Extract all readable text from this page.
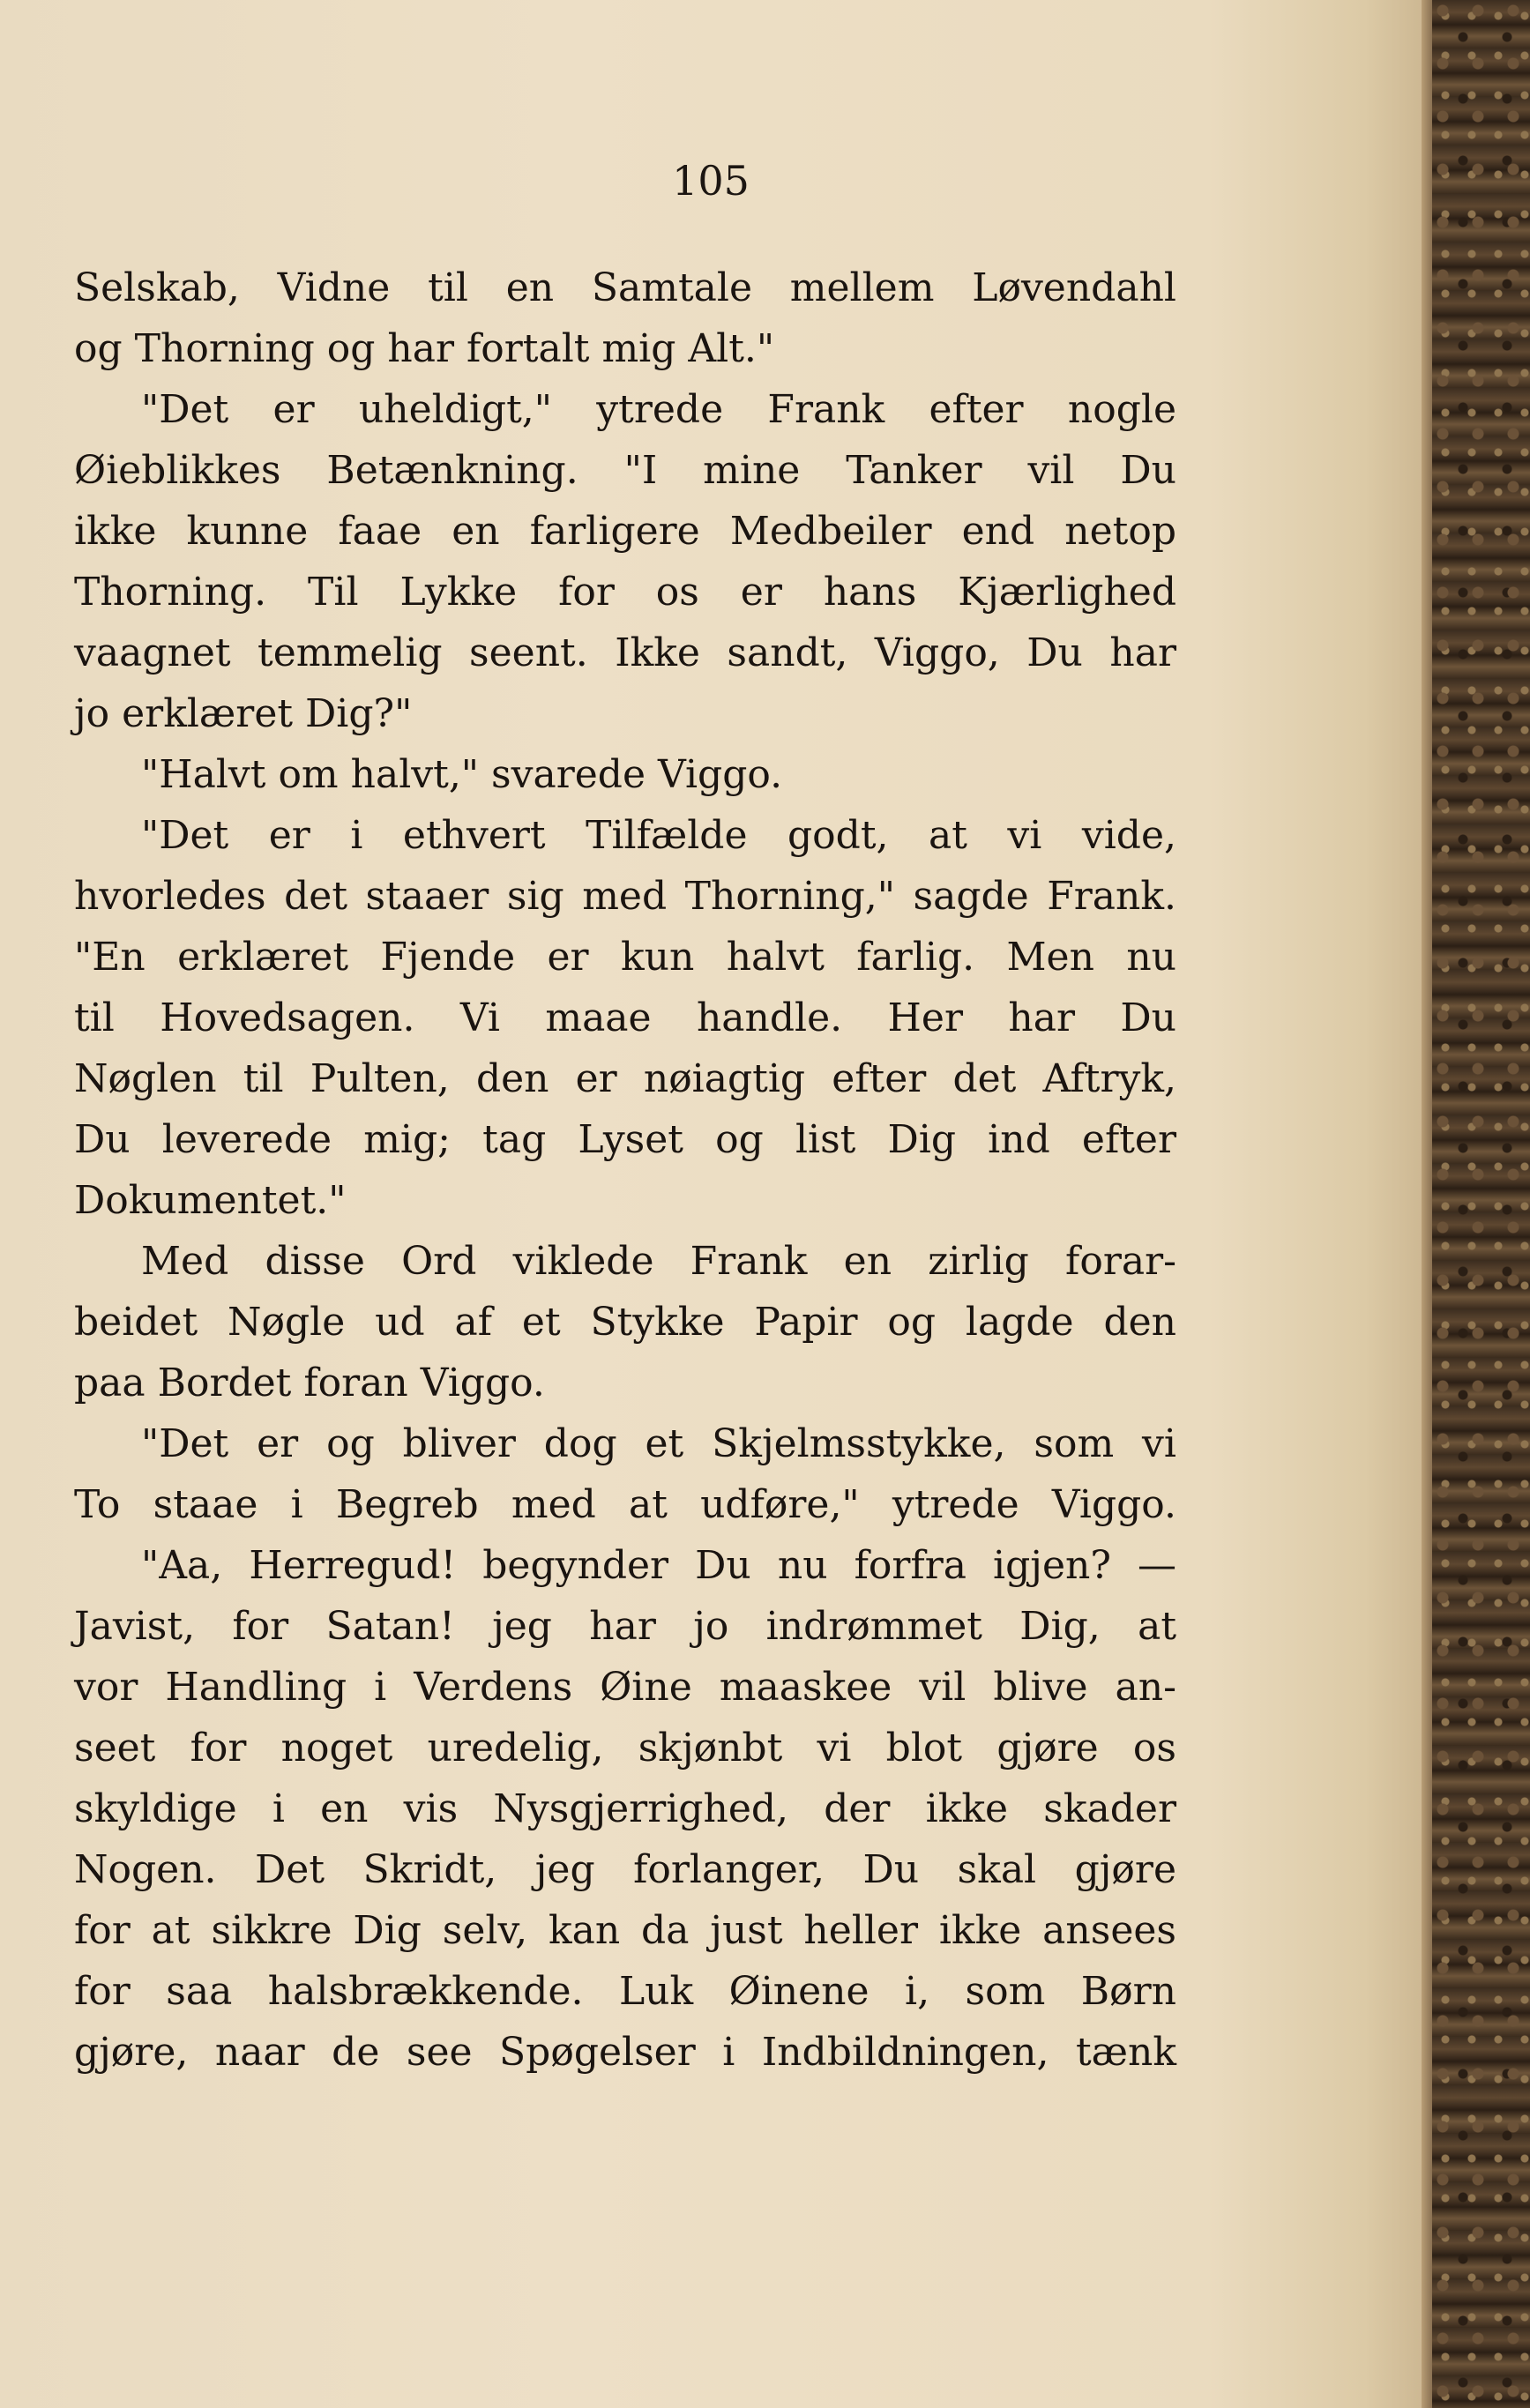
105
Selskab, Vidne til en Samtale mellem Løvendahl
og Thorning og har fortalt mig Alt."
"Det er uheldigt," ytrede Frank efter nogle
Øieblikkes Betænkning. "I mine Tanker vil Du
ikke kunne faae en farligere Medbeiler end netop
Thorning. Til Lykke for os er hans Kjærlighed
vaagnet temmelig seent. Ikke sandt, Viggo, Du har
jo erklæret Dig?"
"Halvt om halvt," svarede Viggo.
"Det er i ethvert Tilfælde godt, at vi vide,
hvorledes det staaer sig med Thorning," sagde Frank.
"En erklæret Fjende er kun halvt farlig. Men nu
til Hovedsagen. Vi maae handle. Her har Du
Nøglen til Pulten, den er nøiagtig efter det Aftryk,
Du leverede mig; tag Lyset og list Dig ind efter
Dokumentet."
Med disse Ord viklede Frank en zirlig forar-
beidet Nøgle ud af et Stykke Papir og lagde den
paa Bordet foran Viggo.
"Det er og bliver dog et Skjelmsstykke, som vi
To staae i Begreb med at udføre," ytrede Viggo.
"Aa, Herregud! begynder Du nu forfra igjen? —
Javist, for Satan! jeg har jo indrømmet Dig, at
vor Handling i Verdens Øine maaskee vil blive an-
seet for noget uredelig, skjønbt vi blot gjøre os
skyldige i en vis Nysgjerrighed, der ikke skader
Nogen. Det Skridt, jeg forlanger, Du skal gjøre
for at sikkre Dig selv, kan da just heller ikke ansees
for saa halsbrækkende. Luk Øinene i, som Børn
gjøre, naar de see Spøgelser i Indbildningen, tænk
